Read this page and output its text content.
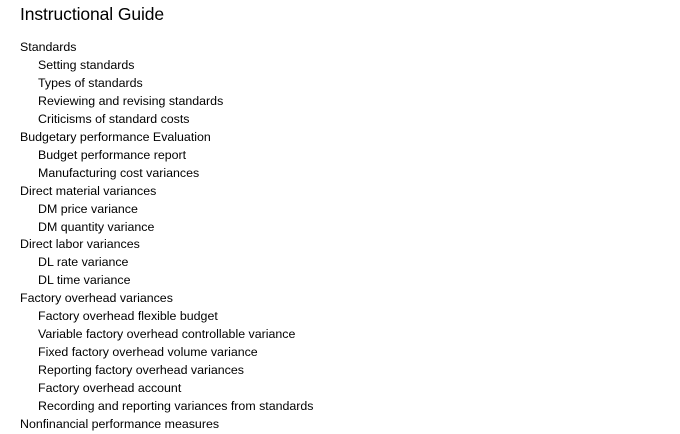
Instructional Guide
Standards
Setting standards
Types of standards
Reviewing and revising standards
Criticisms of standard costs
Budgetary performance Evaluation
Budget performance report
Manufacturing cost variances
Direct material variances
DM price variance
DM quantity variance
Direct labor variances
DL rate variance
DL time variance
Factory overhead variances
Factory overhead flexible budget
Variable factory overhead controllable variance
Fixed factory overhead volume variance
Reporting factory overhead variances
Factory overhead account
Recording and reporting variances from standards
Nonfinancial performance measures
